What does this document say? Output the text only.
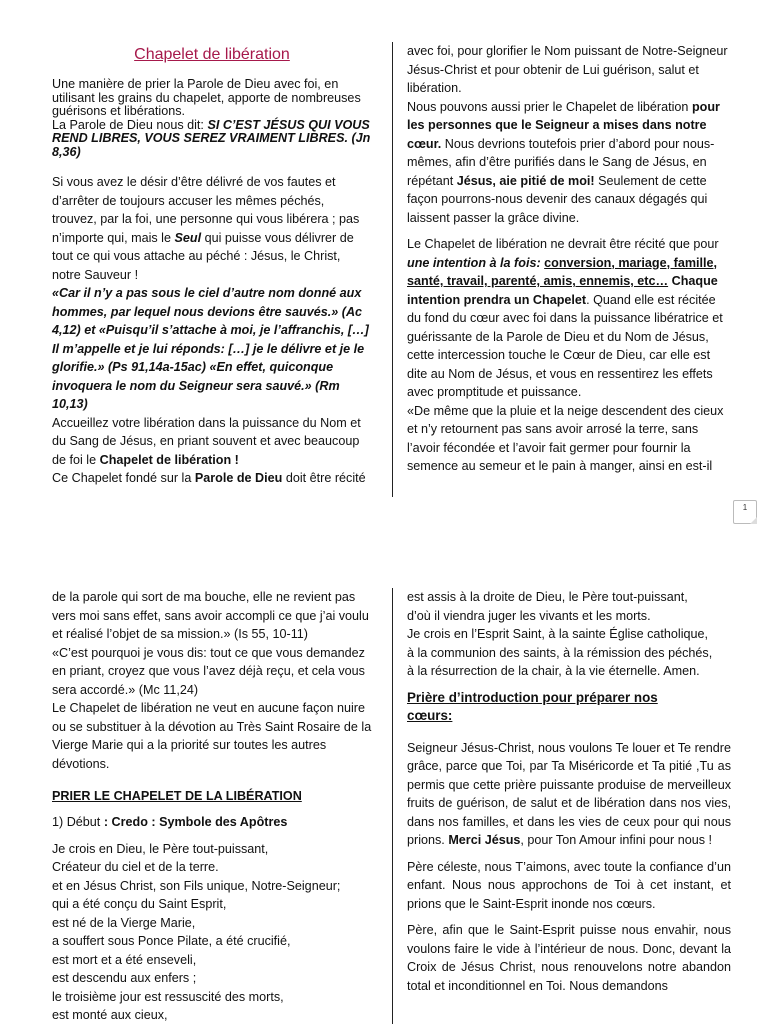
Chapelet de libération

Une manière de prier la Parole de Dieu avec foi, en utilisant les grains du chapelet, apporte de nombreuses guérisons et libérations.

La Parole de Dieu nous dit: SI C’EST JÉSUS QUI VOUS REND LIBRES, VOUS SEREZ VRAIMENT LIBRES. (Jn 8,36)

Si vous avez le désir d’être délivré de vos fautes et d’arrêter de toujours accuser les mêmes péchés, trouvez, par la foi, une personne qui vous libérera ; pas n’importe qui, mais le Seul qui puisse vous délivrer de tout ce qui vous attache au péché : Jésus, le Christ, notre Sauveur !

«Car il n’y a pas sous le ciel d’autre nom donné aux hommes, par lequel nous devions être sauvés.» (Ac 4,12) et «Puisqu’il s’attache à moi, je l’affranchis, […] Il m’appelle et je lui réponds: […] je le délivre et je le glorifie.» (Ps 91,14a-15ac) «En effet, quiconque invoquera le nom du Seigneur sera sauvé.» (Rm 10,13)

Accueillez votre libération dans la puissance du Nom et du Sang de Jésus, en priant souvent et avec beaucoup de foi le Chapelet de libération !

Ce Chapelet fondé sur la Parole de Dieu doit être récité

avec foi, pour glorifier le Nom puissant de Notre-Seigneur Jésus-Christ et pour obtenir de Lui guérison, salut et libération.

Nous pouvons aussi prier le Chapelet de libération pour les personnes que le Seigneur a mises dans notre cœur. Nous devrions toutefois prier d’abord pour nous-mêmes, afin d’être purifiés dans le Sang de Jésus, en répétant Jésus, aie pitié de moi! Seulement de cette façon pourrons-nous devenir des canaux dégagés qui laissent passer la grâce divine.

Le Chapelet de libération ne devrait être récité que pour une intention à la fois: conversion, mariage, famille, santé, travail, parenté, amis, ennemis, etc… Chaque intention prendra un Chapelet. Quand elle est récitée du fond du cœur avec foi dans la puissance libératrice et guérissante de la Parole de Dieu et du Nom de Jésus, cette intercession touche le Cœur de Dieu, car elle est dite au Nom de Jésus, et vous en ressentirez les effets avec promptitude et puissance.

«De même que la pluie et la neige descendent des cieux et n’y retournent pas sans avoir arrosé la terre, sans l’avoir fécondée et l’avoir fait germer pour fournir la semence au semeur et le pain à manger, ainsi en est-il

1

de la parole qui sort de ma bouche, elle ne revient pas vers moi sans effet, sans avoir accompli ce que j’ai voulu et réalisé l’objet de sa mission.» (Is 55, 10-11)

«C’est pourquoi je vous dis: tout ce que vous demandez en priant, croyez que vous l’avez déjà reçu, et cela vous sera accordé.» (Mc 11,24)

Le Chapelet de libération ne veut en aucune façon nuire ou se substituer à la dévotion au Très Saint Rosaire de la Vierge Marie qui a la priorité sur toutes les autres dévotions.

PRIER LE CHAPELET DE LA LIBÉRATION

1) Début : Credo : Symbole des Apôtres

Je crois en Dieu, le Père tout-puissant,

Créateur du ciel et de la terre.

et en Jésus Christ, son Fils unique, Notre-Seigneur;

qui a été conçu du Saint Esprit,

est né de la Vierge Marie,

a souffert sous Ponce Pilate, a été crucifié,

est mort et a été enseveli,

est descendu aux enfers ;

le troisième jour est ressuscité des morts,

est monté aux cieux,

est assis à la droite de Dieu, le Père tout-puissant,

d’où il viendra juger les vivants et les morts.

Je crois en l’Esprit Saint, à la sainte Église catholique,

à la communion des saints, à la rémission des péchés,

à la résurrection de la chair, à la vie éternelle. Amen.

Prière d’introduction pour préparer nos cœurs:

Seigneur Jésus-Christ, nous voulons Te louer et Te rendre grâce, parce que Toi, par Ta Miséricorde et Ta pitié ,Tu as permis que cette prière puissante produise de merveilleux fruits de guérison, de salut et de libération dans nos vies, dans nos familles, et dans les vies de ceux pour qui nous prions. Merci Jésus, pour Ton Amour infini pour nous !

Père céleste, nous T’aimons, avec toute la confiance d’un enfant. Nous nous approchons de Toi à cet instant, et prions que le Saint-Esprit inonde nos cœurs.

Père, afin que le Saint-Esprit puisse nous envahir, nous voulons faire le vide à l’intérieur de nous. Donc, devant la Croix de Jésus Christ, nous renouvelons notre abandon total et inconditionnel en Toi. Nous demandons
